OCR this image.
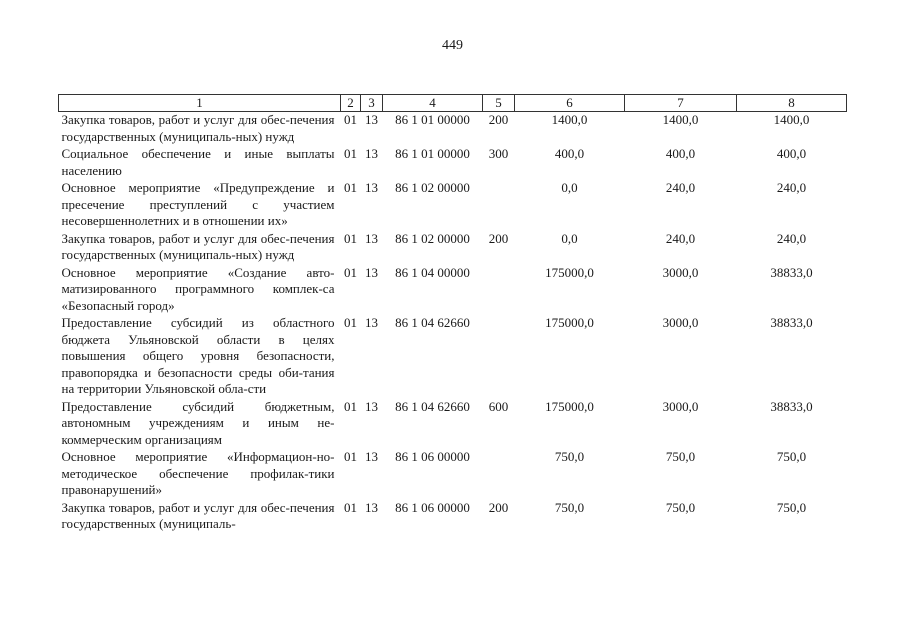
449
1	2	3	4	5	6	7	8
Закупка товаров, работ и услуг для обес-печения государственных (муниципаль-ных) нужд	01	13	86 1 01 00000	200	1400,0	1400,0	1400,0
Социальное обеспечение и иные выплаты населению	01	13	86 1 01 00000	300	400,0	400,0	400,0
Основное мероприятие «Предупреждение и пресечение преступлений с участием несовершеннолетних и в отношении их»	01	13	86 1 02 00000		0,0	240,0	240,0
Закупка товаров, работ и услуг для обес-печения государственных (муниципаль-ных) нужд	01	13	86 1 02 00000	200	0,0	240,0	240,0
Основное мероприятие «Создание авто-матизированного программного комплек-са «Безопасный город»	01	13	86 1 04 00000		175000,0	3000,0	38833,0
Предоставление субсидий из областного бюджета Ульяновской области в целях повышения общего уровня безопасности, правопорядка и безопасности среды оби-тания на территории Ульяновской обла-сти	01	13	86 1 04 62660		175000,0	3000,0	38833,0
Предоставление субсидий бюджетным, автономным учреждениям и иным не-коммерческим организациям	01	13	86 1 04 62660	600	175000,0	3000,0	38833,0
Основное мероприятие «Информацион-но-методическое обеспечение профилак-тики правонарушений»	01	13	86 1 06 00000		750,0	750,0	750,0
Закупка товаров, работ и услуг для обес-печения государственных (муниципаль-	01	13	86 1 06 00000	200	750,0	750,0	750,0
